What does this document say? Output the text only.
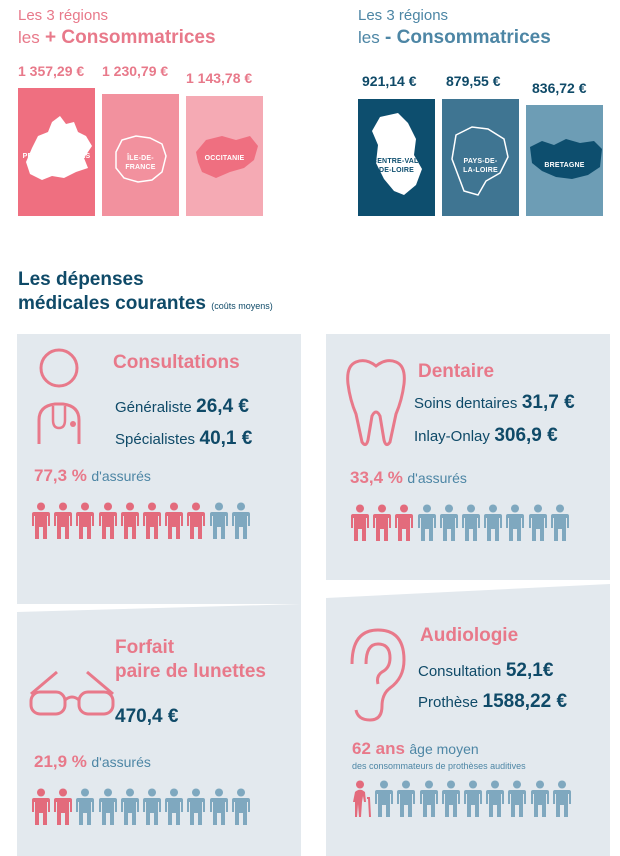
Les 3 régions
les + Consommatrices
Les 3 régions
les - Consommatrices
1 357,29 €
PROVENCE-ALPES
-CÔTE-D'AZUR
1 230,79 €
ÎLE-DE-
FRANCE
1 143,78 €
OCCITANIE
921,14 €
CENTRE-VAL-
DE-LOIRE
879,55 €
PAYS-DE-
LA-LOIRE
836,72 €
BRETAGNE
Les dépenses
médicales courantes (coûts moyens)
Consultations
Généraliste 26,4 €
Spécialistes 40,1 €
77,3 % d'assurés
Dentaire
Soins dentaires 31,7 €
Inlay-Onlay 306,9 €
33,4 % d'assurés
Forfait
paire de lunettes
470,4 €
21,9 % d'assurés
Audiologie
Consultation 52,1€
Prothèse 1588,22 €
62 ans âge moyen
des consommateurs de prothèses auditives
